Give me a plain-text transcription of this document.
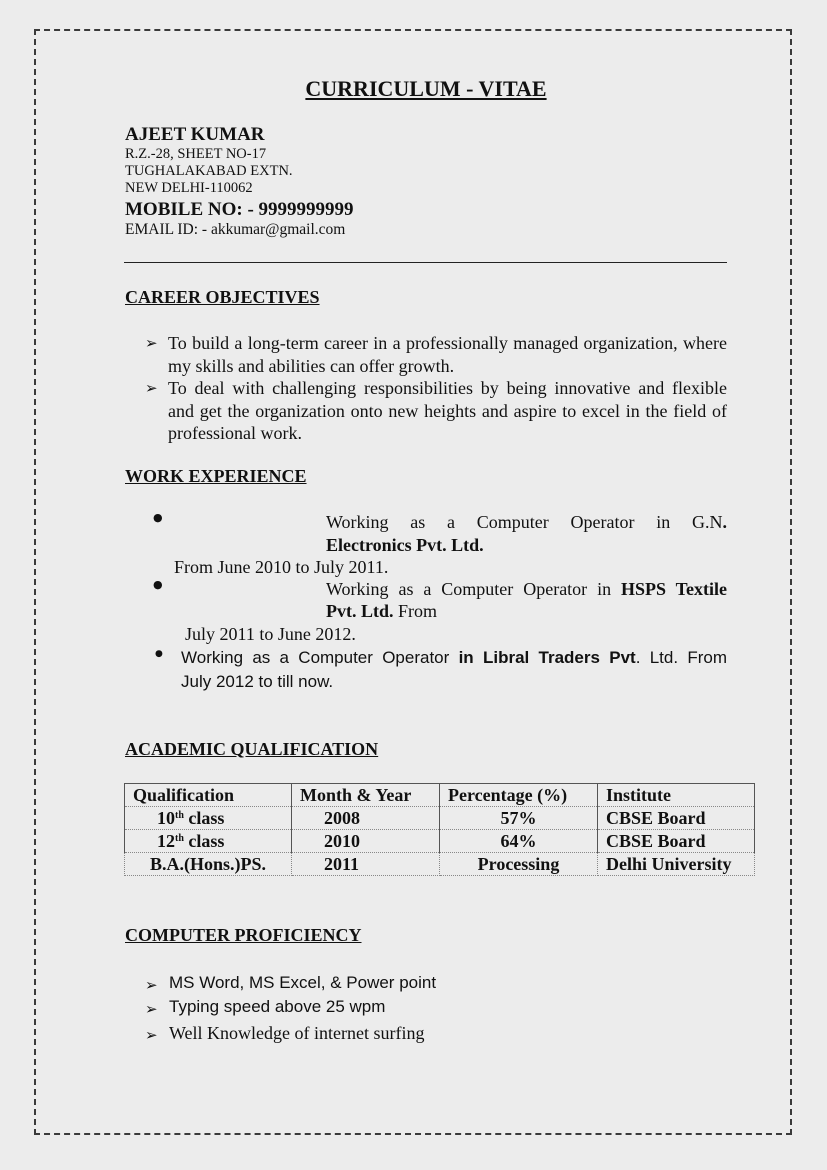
CURRICULUM - VITAE
AJEET KUMAR
R.Z.-28, SHEET NO-17
TUGHALAKABAD EXTN.
NEW DELHI-110062
MOBILE NO: - 9999999999
EMAIL ID: - akkumar@gmail.com
CAREER OBJECTIVES
➢ To build a long-term career in a professionally managed organization, where my skills and abilities can offer growth.
➢ To deal with challenging responsibilities by being innovative and flexible and get the organization onto new heights and aspire to excel in the field of professional work.
WORK EXPERIENCE
●	Working as a Computer Operator in G.N.
Electronics Pvt. Ltd.
From June 2010 to July 2011.
●	Working as a Computer Operator in HSPS Textile
Pvt. Ltd. From
July 2011 to June 2012.
● Working as a Computer Operator in Libral Traders Pvt. Ltd. From
July 2012 to till now.
ACADEMIC QUALIFICATION
Qualification	Month & Year	Percentage (%)	Institute
10th class	2008	57%	CBSE Board
12th class	2010	64%	CBSE Board
B.A.(Hons.)PS.	2011	Processing	Delhi University
COMPUTER PROFICIENCY
➢ MS Word, MS Excel, & Power point
➢ Typing speed above 25 wpm
➢ Well Knowledge of internet surfing
